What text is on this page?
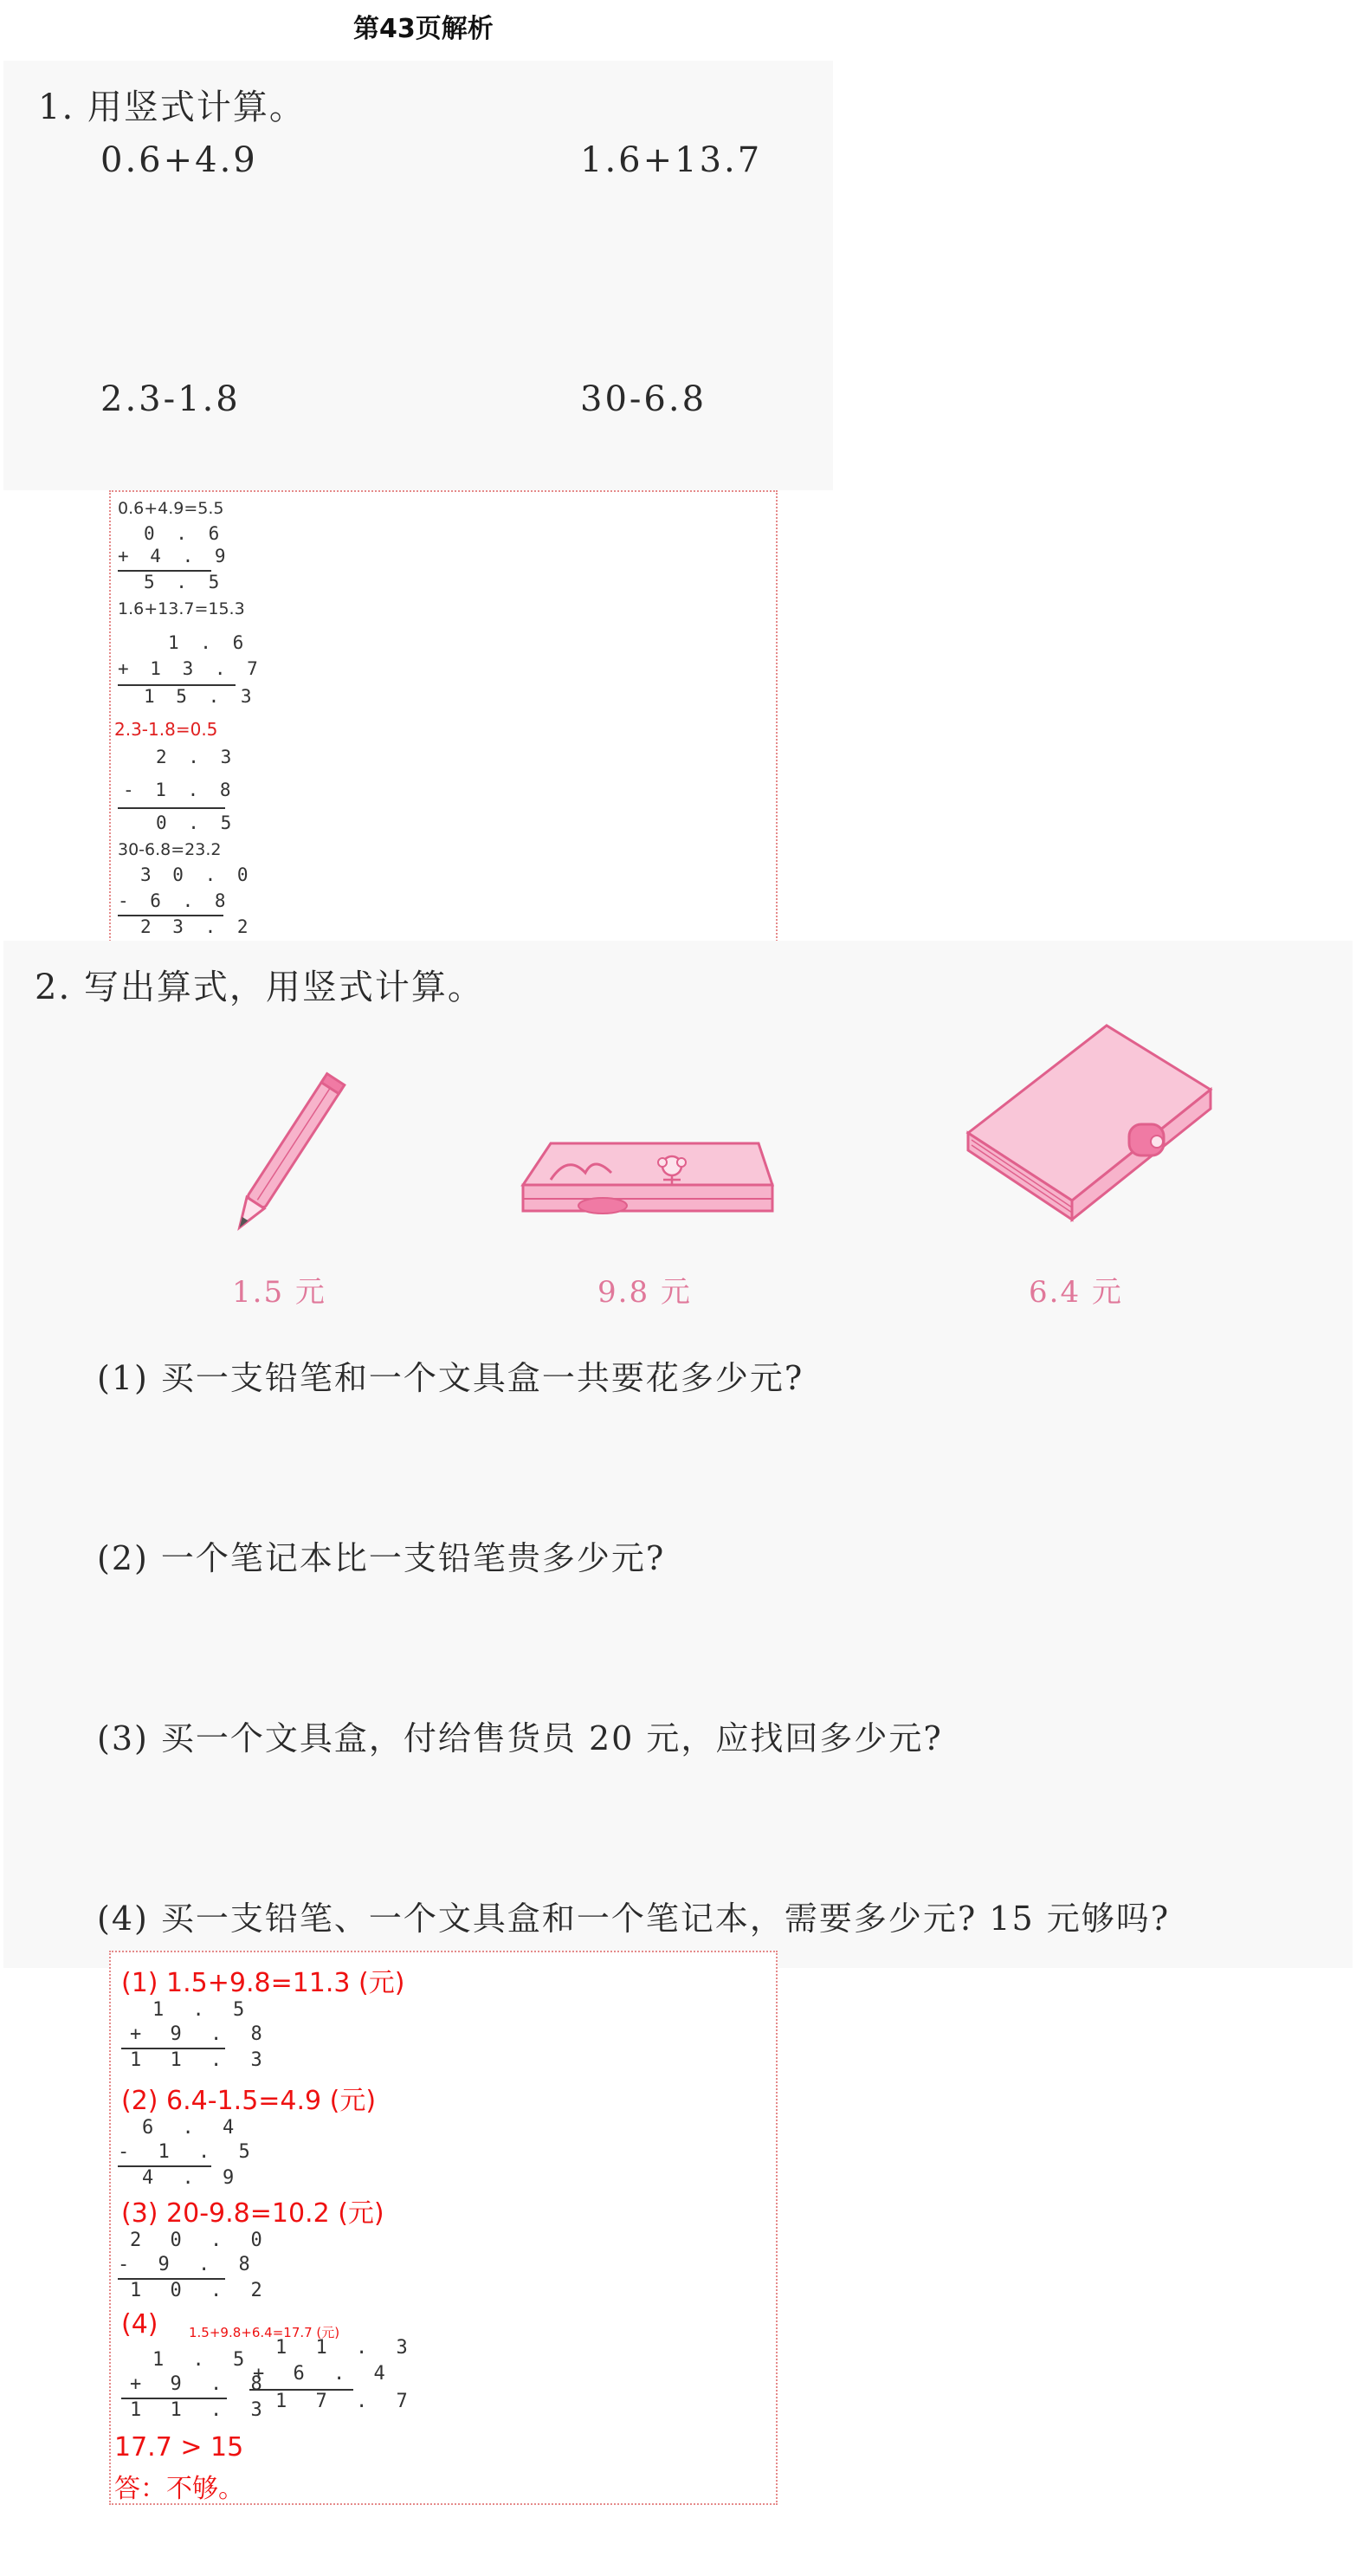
第43页解析
1. 用竖式计算。
0.6+4.9	1.6+13.7
2.3-1.8	30-6.8
0.6+4.9=5.5
0 . 6
+ 4 . 9
5 . 5
1.6+13.7=15.3
1 . 6
+ 1 3 . 7
1 5 . 3
2.3-1.8=0.5
2 . 3
- 1 . 8
0 . 5
30-6.8=23.2
3 0 . 0
- 6 . 8
2 3 . 2
2. 写出算式，用竖式计算。
1.5 元	9.8 元	6.4 元
(1) 买一支铅笔和一个文具盒一共要花多少元?
(2) 一个笔记本比一支铅笔贵多少元?
(3) 买一个文具盒，付给售货员 20 元，应找回多少元?
(4) 买一支铅笔、一个文具盒和一个笔记本，需要多少元? 15 元够吗?
(1) 1.5+9.8=11.3 (元)
1 . 5
+ 9 . 8
1 1 . 3
(2) 6.4-1.5=4.9 (元)
6 . 4
- 1 . 5
4 . 9
(3) 20-9.8=10.2 (元)
2 0 . 0
- 9 . 8
1 0 . 2
(4) 1.5+9.8+6.4=17.7 (元)
1 . 5
+ 9 . 8
1 1 . 3
1 1 . 3
+ 6 . 4
1 7 . 7
17.7 > 15
答：不够。
